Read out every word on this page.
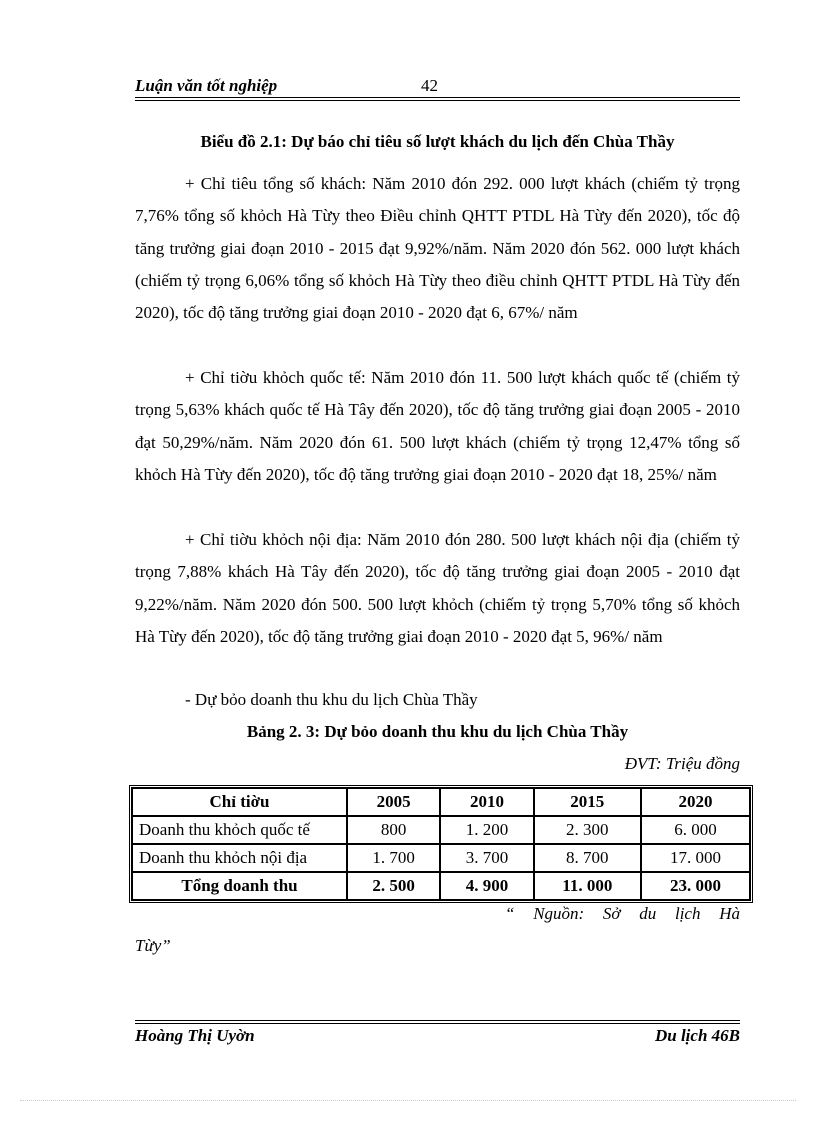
Luận văn tốt nghiệp	42
Biểu đồ 2.1: Dự báo chỉ tiêu số lượt khách du lịch đến Chùa Thầy
+ Chỉ tiêu tổng số khách: Năm 2010 đón 292. 000 lượt khách (chiếm tỷ trọng 7,76% tổng số khỏch Hà Từy theo Điều chỉnh QHTT PTDL Hà Từy đến 2020), tốc độ tăng trưởng giai đoạn 2010 - 2015 đạt 9,92%/năm. Năm 2020 đón 562. 000 lượt khách (chiếm tỷ trọng 6,06% tổng số khỏch Hà Từy theo điều chỉnh QHTT PTDL Hà Từy đến 2020), tốc độ tăng trưởng giai đoạn 2010 - 2020 đạt 6, 67%/ năm
+ Chỉ tiờu khỏch quốc tế: Năm 2010 đón 11. 500 lượt khách quốc tế (chiếm tỷ trọng 5,63% khách quốc tế Hà Tây đến 2020), tốc độ tăng trưởng giai đoạn 2005 - 2010 đạt 50,29%/năm. Năm 2020 đón 61. 500 lượt khách (chiếm tỷ trọng 12,47% tổng số khỏch Hà Từy đến 2020), tốc độ tăng trưởng giai đoạn 2010 - 2020 đạt 18, 25%/ năm
+ Chỉ tiờu khỏch nội địa: Năm 2010 đón 280. 500 lượt khách nội địa (chiếm tỷ trọng 7,88% khách Hà Tây đến 2020), tốc độ tăng trưởng giai đoạn 2005 - 2010 đạt 9,22%/năm. Năm 2020 đón 500. 500 lượt khỏch (chiếm tỷ trọng 5,70% tổng số khỏch Hà Từy đến 2020), tốc độ tăng trưởng giai đoạn 2010 - 2020 đạt 5, 96%/ năm
- Dự bỏo doanh thu khu du lịch Chùa Thầy
Bảng 2. 3: Dự bỏo doanh thu khu du lịch Chùa Thầy
ĐVT: Triệu đồng
Chỉ tiờu	2005	2010	2015	2020
Doanh thu khỏch quốc tế	800	1. 200	2. 300	6. 000
Doanh thu khỏch nội địa	1. 700	3. 700	8. 700	17. 000
Tổng doanh thu	2. 500	4. 900	11. 000	23. 000
“ Nguồn: Sở du lịch Hà Từy”
Hoàng Thị Uyờn	Du lịch 46B
